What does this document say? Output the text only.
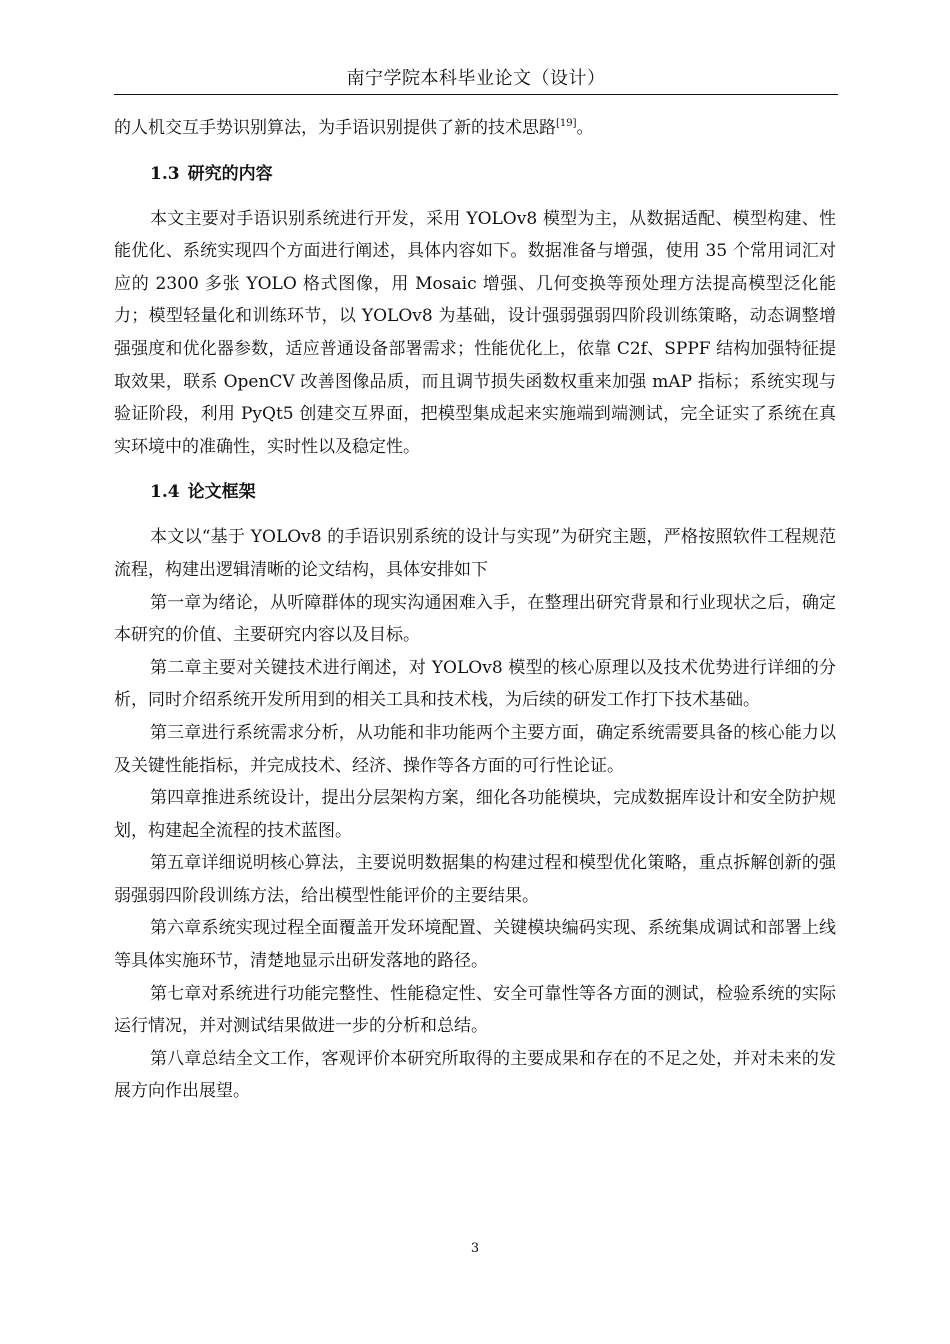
南宁学院本科毕业论文（设计）

的人机交互手势识别算法，为手语识别提供了新的技术思路[19]。

1.3 研究的内容

本文主要对手语识别系统进行开发，采用 YOLOv8 模型为主，从数据适配、模型构建、性能优化、系统实现四个方面进行阐述，具体内容如下。数据准备与增强，使用 35 个常用词汇对应的 2300 多张 YOLO 格式图像，用 Mosaic 增强、几何变换等预处理方法提高模型泛化能力；模型轻量化和训练环节，以 YOLOv8 为基础，设计强弱强弱四阶段训练策略，动态调整增强强度和优化器参数，适应普通设备部署需求；性能优化上，依靠 C2f、SPPF 结构加强特征提取效果，联系 OpenCV 改善图像品质，而且调节损失函数权重来加强 mAP 指标；系统实现与验证阶段，利用 PyQt5 创建交互界面，把模型集成起来实施端到端测试，完全证实了系统在真实环境中的准确性，实时性以及稳定性。

1.4 论文框架

本文以“基于 YOLOv8 的手语识别系统的设计与实现”为研究主题，严格按照软件工程规范流程，构建出逻辑清晰的论文结构，具体安排如下

第一章为绪论，从听障群体的现实沟通困难入手，在整理出研究背景和行业现状之后，确定本研究的价值、主要研究内容以及目标。

第二章主要对关键技术进行阐述，对 YOLOv8 模型的核心原理以及技术优势进行详细的分析，同时介绍系统开发所用到的相关工具和技术栈，为后续的研发工作打下技术基础。

第三章进行系统需求分析，从功能和非功能两个主要方面，确定系统需要具备的核心能力以及关键性能指标，并完成技术、经济、操作等各方面的可行性论证。

第四章推进系统设计，提出分层架构方案，细化各功能模块，完成数据库设计和安全防护规划，构建起全流程的技术蓝图。

第五章详细说明核心算法，主要说明数据集的构建过程和模型优化策略，重点拆解创新的强弱强弱四阶段训练方法，给出模型性能评价的主要结果。

第六章系统实现过程全面覆盖开发环境配置、关键模块编码实现、系统集成调试和部署上线等具体实施环节，清楚地显示出研发落地的路径。

第七章对系统进行功能完整性、性能稳定性、安全可靠性等各方面的测试，检验系统的实际运行情况，并对测试结果做进一步的分析和总结。

第八章总结全文工作，客观评价本研究所取得的主要成果和存在的不足之处，并对未来的发展方向作出展望。

3
